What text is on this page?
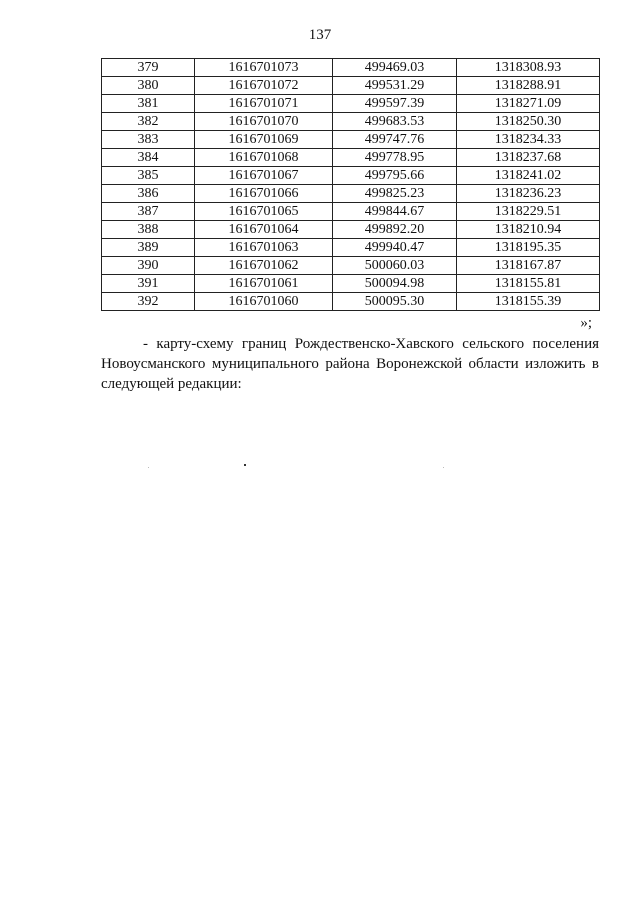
137
379	1616701073	499469.03	1318308.93
380	1616701072	499531.29	1318288.91
381	1616701071	499597.39	1318271.09
382	1616701070	499683.53	1318250.30
383	1616701069	499747.76	1318234.33
384	1616701068	499778.95	1318237.68
385	1616701067	499795.66	1318241.02
386	1616701066	499825.23	1318236.23
387	1616701065	499844.67	1318229.51
388	1616701064	499892.20	1318210.94
389	1616701063	499940.47	1318195.35
390	1616701062	500060.03	1318167.87
391	1616701061	500094.98	1318155.81
392	1616701060	500095.30	1318155.39
»;

- карту-схему границ Рождественско-Хавского сельского поселения
Новоусманского муниципального района Воронежской области изложить в
следующей редакции:
